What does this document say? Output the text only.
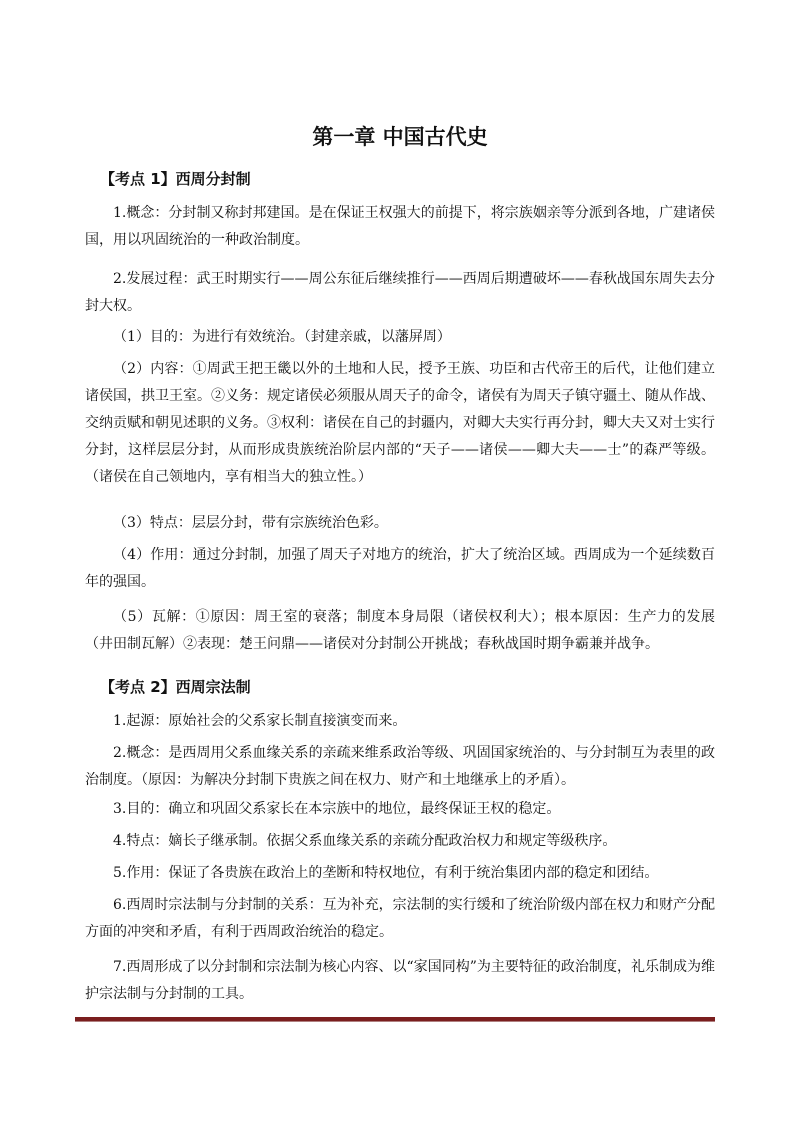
第一章 中国古代史
【考点 1】西周分封制

1.概念：分封制又称封邦建国。是在保证王权强大的前提下，将宗族姻亲等分派到各地，广建诸侯国，用以巩固统治的一种政治制度。

2.发展过程：武王时期实行——周公东征后继续推行——西周后期遭破坏——春秋战国东周失去分封大权。

（1）目的：为进行有效统治。（封建亲戚，以藩屏周）

（2）内容：①周武王把王畿以外的土地和人民，授予王族、功臣和古代帝王的后代，让他们建立诸侯国，拱卫王室。②义务：规定诸侯必须服从周天子的命令，诸侯有为周天子镇守疆土、随从作战、交纳贡赋和朝见述职的义务。③权利：诸侯在自己的封疆内，对卿大夫实行再分封，卿大夫又对士实行分封，这样层层分封，从而形成贵族统治阶层内部的“天子——诸侯——卿大夫——士”的森严等级。（诸侯在自己领地内，享有相当大的独立性。）

（3）特点：层层分封，带有宗族统治色彩。

（4）作用：通过分封制，加强了周天子对地方的统治，扩大了统治区域。西周成为一个延续数百年的强国。

（5）瓦解：①原因：周王室的衰落；制度本身局限（诸侯权利大）；根本原因：生产力的发展（井田制瓦解）②表现：楚王问鼎——诸侯对分封制公开挑战；春秋战国时期争霸兼并战争。

【考点 2】西周宗法制

1.起源：原始社会的父系家长制直接演变而来。

2.概念：是西周用父系血缘关系的亲疏来维系政治等级、巩固国家统治的、与分封制互为表里的政治制度。（原因：为解决分封制下贵族之间在权力、财产和土地继承上的矛盾）。

3.目的：确立和巩固父系家长在本宗族中的地位，最终保证王权的稳定。

4.特点：嫡长子继承制。依据父系血缘关系的亲疏分配政治权力和规定等级秩序。

5.作用：保证了各贵族在政治上的垄断和特权地位，有利于统治集团内部的稳定和团结。

6.西周时宗法制与分封制的关系：互为补充，宗法制的实行缓和了统治阶级内部在权力和财产分配方面的冲突和矛盾，有利于西周政治统治的稳定。

7.西周形成了以分封制和宗法制为核心内容、以“家国同构”为主要特征的政治制度，礼乐制成为维护宗法制与分封制的工具。
